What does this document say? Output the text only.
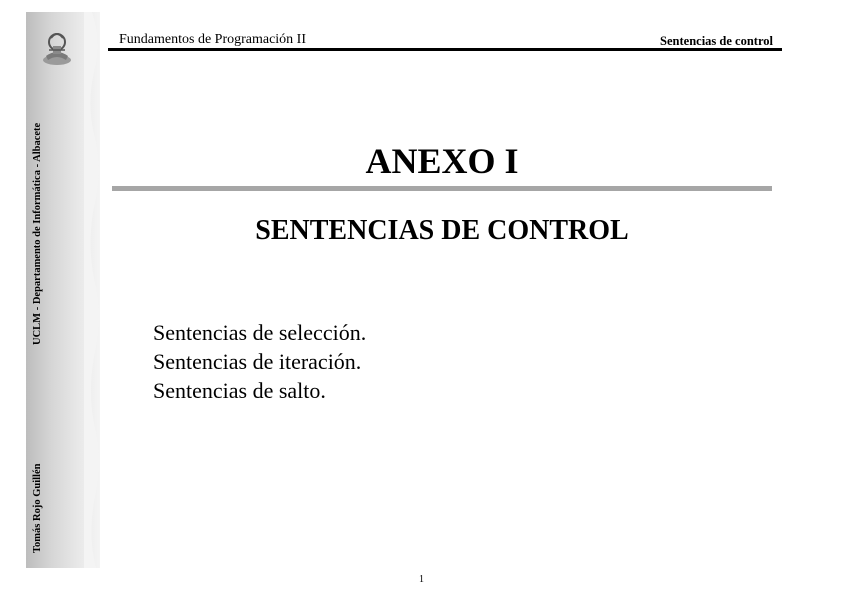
UCLM - Departamento de Informática - Albacete
Tomás Rojo Guillén
Fundamentos de Programación II	Sentencias de control
ANEXO I
SENTENCIAS DE CONTROL
Sentencias de selección.
Sentencias de iteración.
Sentencias de salto.
1
